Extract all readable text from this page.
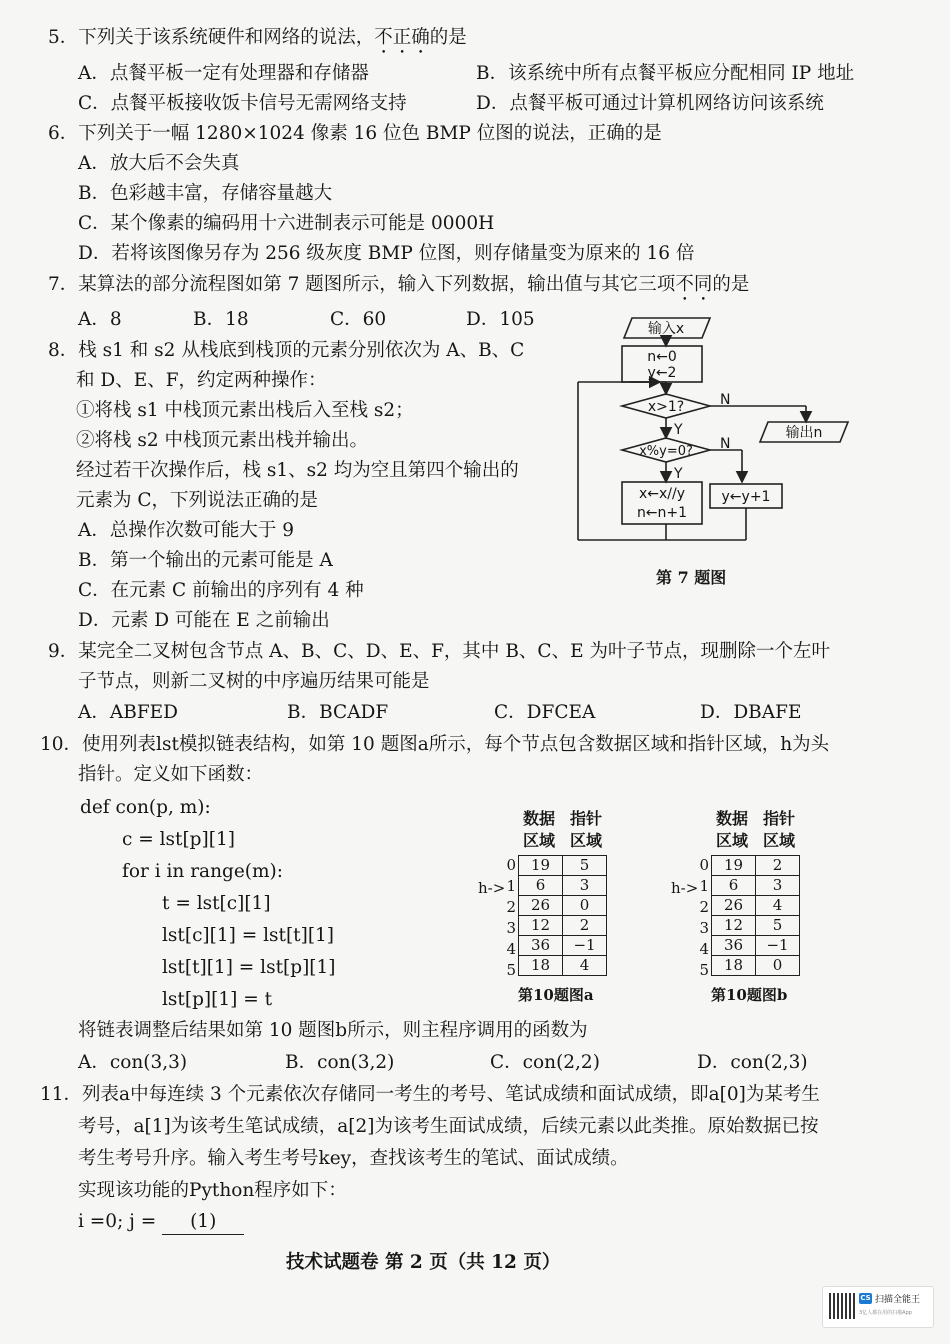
5．下列关于该系统硬件和网络的说法，不正确的是
A．点餐平板一定有处理器和存储器	B．该系统中所有点餐平板应分配相同 IP 地址
C．点餐平板接收饭卡信号无需网络支持	D．点餐平板可通过计算机网络访问该系统
6．下列关于一幅 1280×1024 像素 16 位色 BMP 位图的说法，正确的是
A．放大后不会失真
B．色彩越丰富，存储容量越大
C．某个像素的编码用十六进制表示可能是 0000H
D．若将该图像另存为 256 级灰度 BMP 位图，则存储量变为原来的 16 倍
7．某算法的部分流程图如第 7 题图所示，输入下列数据，输出值与其它三项不同的是
A．8	B．18	C．60	D．105	输入x
n←0
y←2
x>1?	N
Y	输出n
x%y=0? N
Y
x←x//y
n←n+1
y←y+1
第 7 题图
8．栈 s1 和 s2 从栈底到栈顶的元素分别依次为 A、B、C
和 D、E、F，约定两种操作：
①将栈 s1 中栈顶元素出栈后入至栈 s2；
②将栈 s2 中栈顶元素出栈并输出。
经过若干次操作后，栈 s1、s2 均为空且第四个输出的
元素为 C，下列说法正确的是
A．总操作次数可能大于 9
B．第一个输出的元素可能是 A
C．在元素 C 前输出的序列有 4 种
D．元素 D 可能在 E 之前输出
9．某完全二叉树包含节点 A、B、C、D、E、F，其中 B、C、E 为叶子节点，现删除一个左叶
子节点，则新二叉树的中序遍历结果可能是
A．ABFED	B．BCADF	C．DFCEA	D．DBAFE
10．使用列表lst模拟链表结构，如第 10 题图a所示，每个节点包含数据区域和指针区域，h为头
指针。定义如下函数：
def con(p, m):
c = lst[p][1]
for i in range(m):
t = lst[c][1]
lst[c][1] = lst[t][1]
lst[t][1] = lst[p][1]
lst[p][1] = t
数据
区域
指针
区域
h->
0
1
2
3
4
5
19	5
6	3
26	0
12	2
36	−1
18	4
第10题图a
数据
区域
指针
区域
h->
0
1
2
3
4
5
19	2
6	3
26	4
12	5
36	−1
18	0
第10题图b
将链表调整后结果如第 10 题图b所示，则主程序调用的函数为
A．con(3,3)	B．con(3,2)	C．con(2,2)	D．con(2,3)
11．列表a中每连续 3 个元素依次存储同一考生的考号、笔试成绩和面试成绩，即a[0]为某考生
考号，a[1]为该考生笔试成绩，a[2]为该考生面试成绩，后续元素以此类推。原始数据已按
考生考号升序。输入考生考号key，查找该考生的笔试、面试成绩。
实现该功能的Python程序如下：
i =0; j = (1)
技术试题卷 第 2 页（共 12 页）
CS 扫描全能王
3亿人都在用的扫描App
